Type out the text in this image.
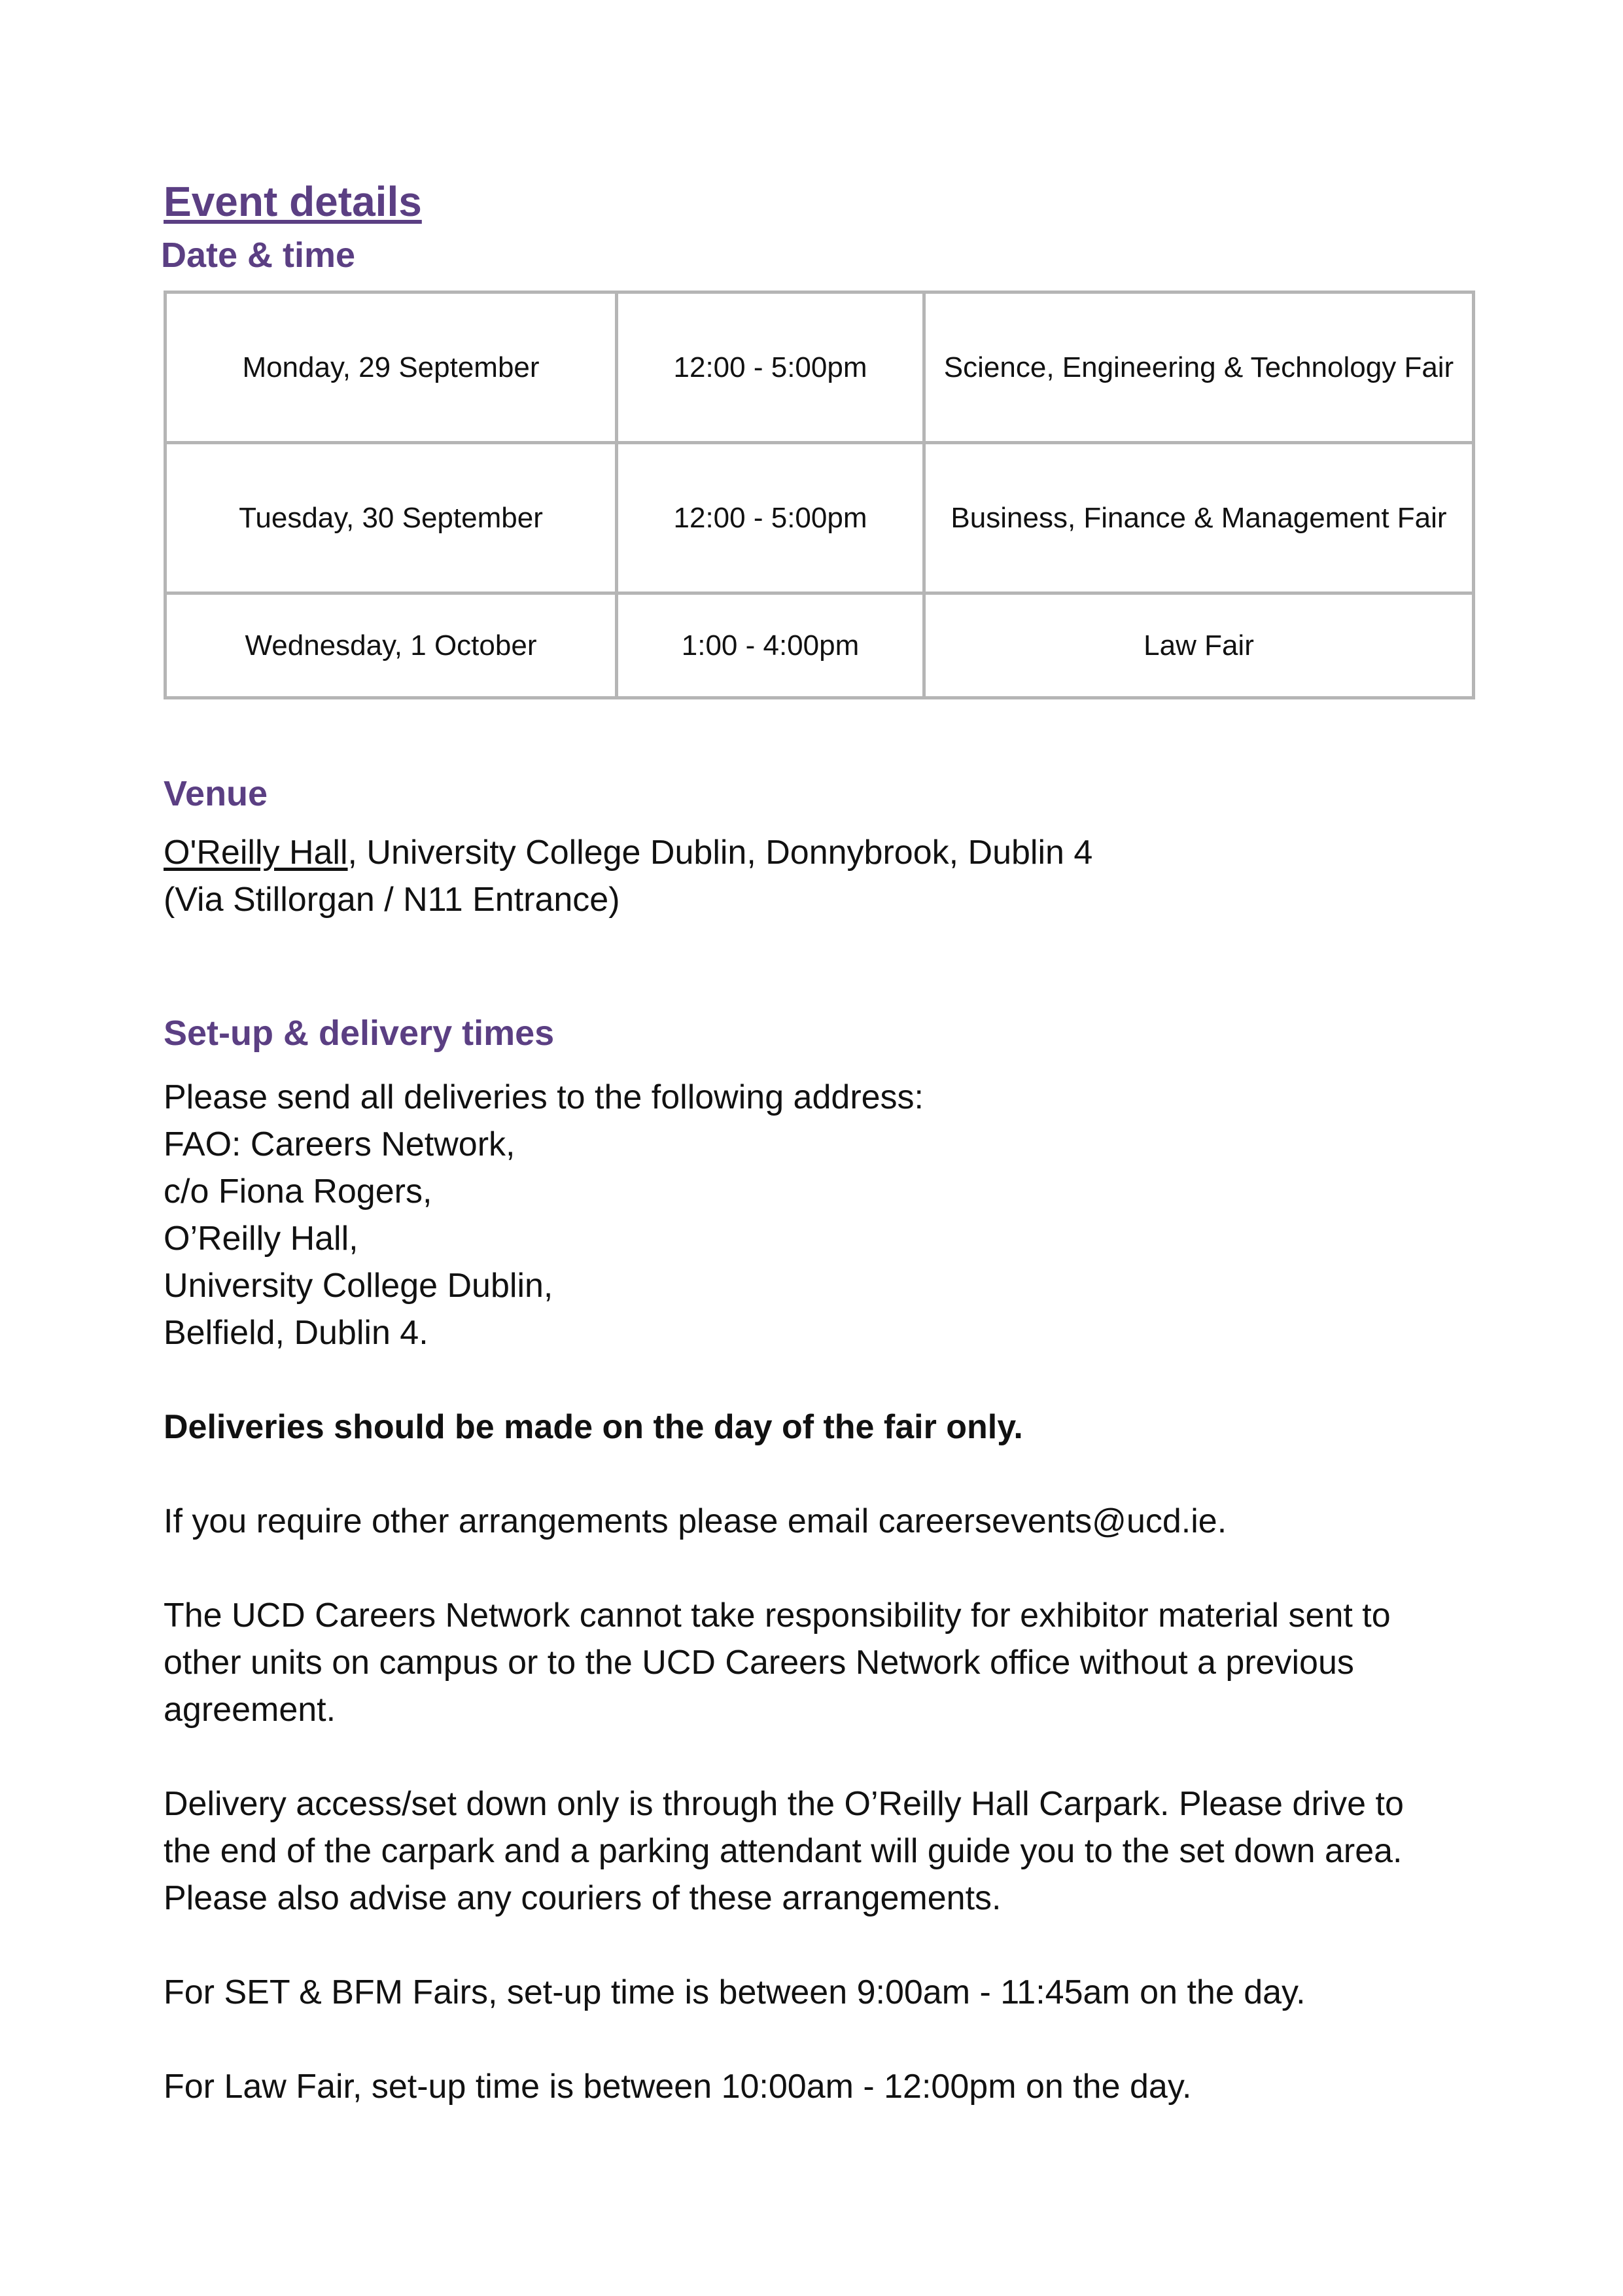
Event details
Date & time
Monday, 29 September	12:00 - 5:00pm	Science, Engineering & Technology Fair
Tuesday, 30 September	12:00 - 5:00pm	Business, Finance & Management Fair
Wednesday, 1 October	1:00 - 4:00pm	Law Fair
Venue

O'Reilly Hall, University College Dublin, Donnybrook, Dublin 4

(Via Stillorgan / N11 Entrance)

Set-up & delivery times

Please send all deliveries to the following address:

FAO: Careers Network,

c/o Fiona Rogers,

O’Reilly Hall,

University College Dublin,

Belfield, Dublin 4.

Deliveries should be made on the day of the fair only.

If you require other arrangements please email careersevents@ucd.ie.

The UCD Careers Network cannot take responsibility for exhibitor material sent to

other units on campus or to the UCD Careers Network office without a previous

agreement.

Delivery access/set down only is through the O’Reilly Hall Carpark. Please drive to

the end of the carpark and a parking attendant will guide you to the set down area.

Please also advise any couriers of these arrangements.

For SET & BFM Fairs, set-up time is between 9:00am - 11:45am on the day.

For Law Fair, set-up time is between 10:00am - 12:00pm on the day.
